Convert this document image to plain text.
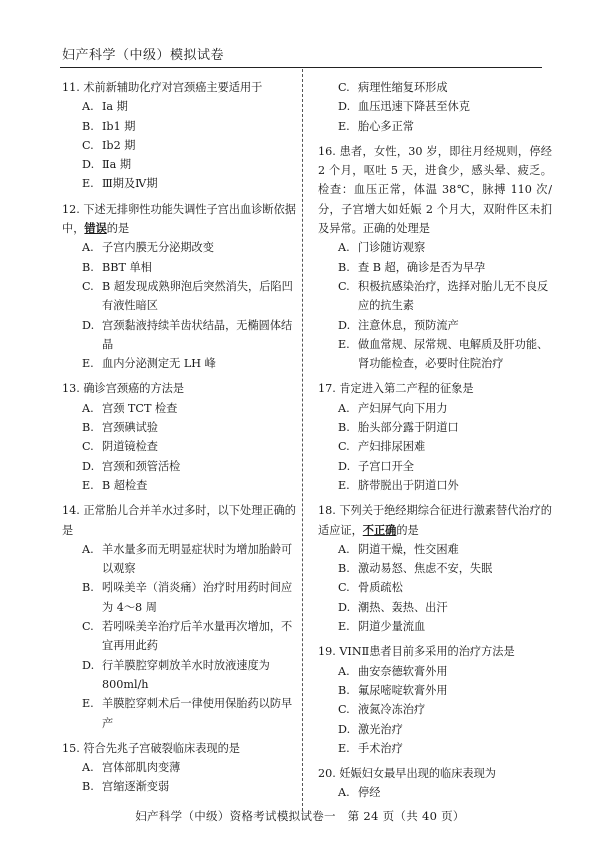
妇产科学（中级）模拟试卷
11. 术前新辅助化疗对宫颈癌主要适用于
A. Ⅰa 期
B. Ⅰb1 期
C. Ⅰb2 期
D. Ⅱa 期
E. Ⅲ期及Ⅳ期
12. 下述无排卵性功能失调性子宫出血诊断依据中，错误的是
A. 子宫内膜无分泌期改变
B. BBT 单相
C. B 超发现成熟卵泡后突然消失，后陷凹有液性暗区
D. 宫颈黏液持续羊齿状结晶，无椭圆体结晶
E. 血内分泌测定无 LH 峰
13. 确诊宫颈癌的方法是
A. 宫颈 TCT 检查
B. 宫颈碘试验
C. 阴道镜检查
D. 宫颈和颈管活检
E. B 超检查
14. 正常胎儿合并羊水过多时，以下处理正确的是
A. 羊水量多而无明显症状时为增加胎龄可以观察
B. 吲哚美辛（消炎痛）治疗时用药时间应为 4～8 周
C. 若吲哚美辛治疗后羊水量再次增加，不宜再用此药
D. 行羊膜腔穿刺放羊水时放液速度为 800ml/h
E. 羊膜腔穿刺术后一律使用保胎药以防早产
15. 符合先兆子宫破裂临床表现的是
A. 宫体部肌肉变薄
B. 宫缩逐渐变弱
C. 病理性缩复环形成
D. 血压迅速下降甚至休克
E. 胎心多正常
16. 患者，女性，30 岁，即往月经规则，停经 2 个月，呕吐 5 天，进食少，感头晕、疲乏。检查：血压正常，体温 38℃，脉搏 110 次/分，子宫增大如妊娠 2 个月大，双附件区未扪及异常。正确的处理是
A. 门诊随访观察
B. 查 B 超，确诊是否为早孕
C. 积极抗感染治疗，选择对胎儿无不良反应的抗生素
D. 注意休息，预防流产
E. 做血常规、尿常规、电解质及肝功能、肾功能检查，必要时住院治疗
17. 肯定进入第二产程的征象是
A. 产妇屏气向下用力
B. 胎头部分露于阴道口
C. 产妇排尿困难
D. 子宫口开全
E. 脐带脱出于阴道口外
18. 下列关于绝经期综合征进行激素替代治疗的适应证，不正确的是
A. 阴道干燥，性交困难
B. 激动易怒、焦虑不安，失眠
C. 骨质疏松
D. 潮热、轰热、出汗
E. 阴道少量流血
19. VINⅡ患者目前多采用的治疗方法是
A. 曲安奈德软膏外用
B. 氟尿嘧啶软膏外用
C. 液氮冷冻治疗
D. 激光治疗
E. 手术治疗
20. 妊娠妇女最早出现的临床表现为
A. 停经
妇产科学（中级）资格考试模拟试卷一　第 24 页（共 40 页）
